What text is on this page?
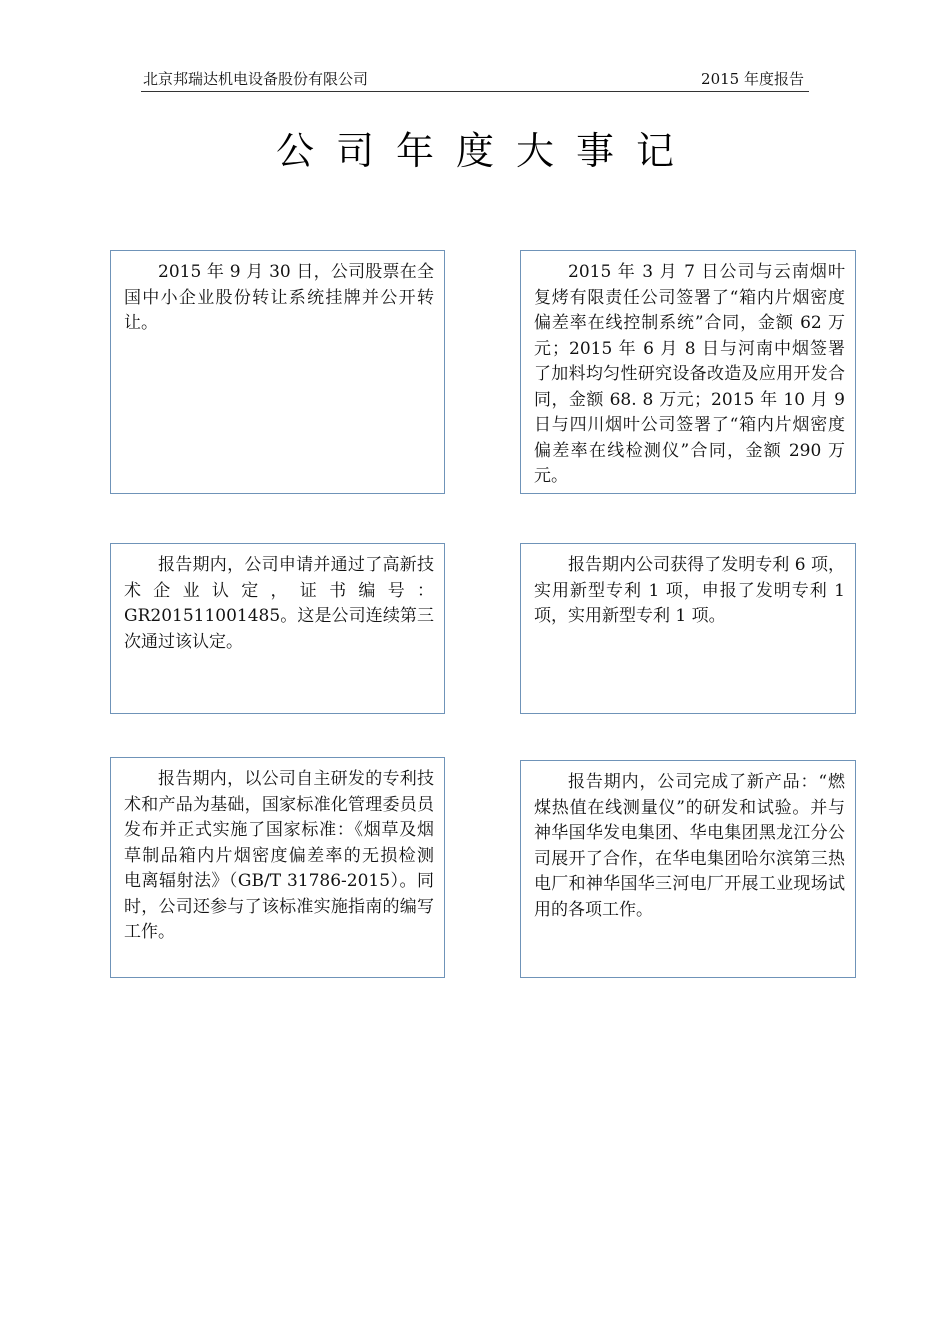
北京邦瑞达机电设备股份有限公司	2015 年度报告
公司年度大事记

2015 年 9 月 30 日，公司股票在全国中小企业股份转让系统挂牌并公开转让。

2015 年 3 月 7 日公司与云南烟叶复烤有限责任公司签署了“箱内片烟密度偏差率在线控制系统”合同，金额 62 万元；2015 年 6 月 8 日与河南中烟签署了加料均匀性研究设备改造及应用开发合同，金额 68. 8 万元；2015 年 10 月 9 日与四川烟叶公司签署了“箱内片烟密度偏差率在线检测仪”合同，金额 290 万元。

报告期内，公司申请并通过了高新技术企业认定，证书编号：GR201511001485。这是公司连续第三次通过该认定。

报告期内公司获得了发明专利 6 项，实用新型专利 1 项，申报了发明专利 1 项，实用新型专利 1 项。

报告期内，以公司自主研发的专利技术和产品为基础，国家标准化管理委员员发布并正式实施了国家标准：《烟草及烟草制品箱内片烟密度偏差率的无损检测　电离辐射法》（GB/T 31786-2015）。同时，公司还参与了该标准实施指南的编写工作。

报告期内，公司完成了新产品：“燃煤热值在线测量仪”的研发和试验。并与神华国华发电集团、华电集团黑龙江分公司展开了合作，在华电集团哈尔滨第三热电厂和神华国华三河电厂开展工业现场试用的各项工作。
